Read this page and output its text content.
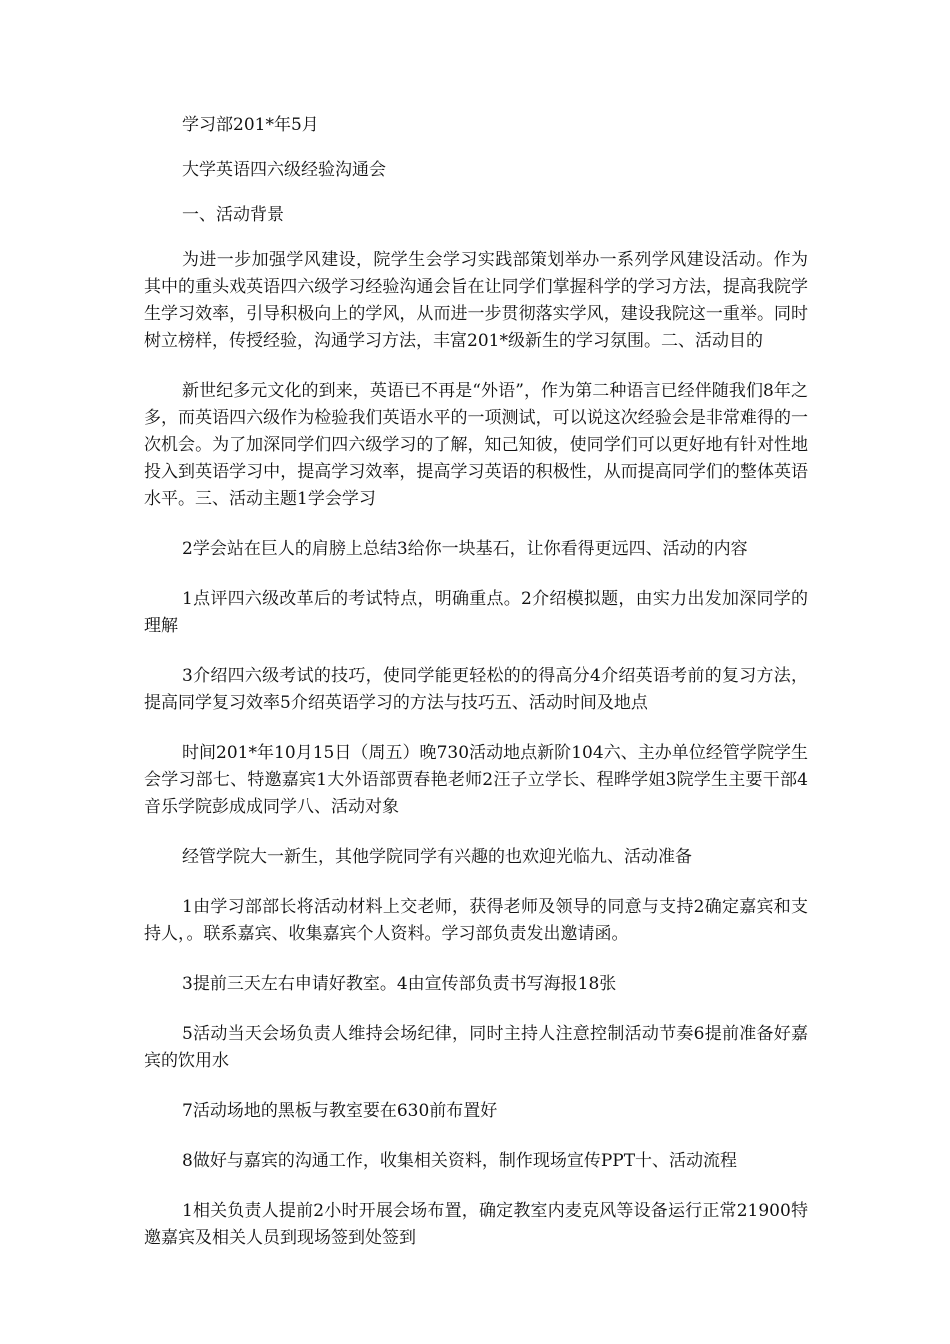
学习部201*年5月

大学英语四六级经验沟通会

一、活动背景

为进一步加强学风建设，院学生会学习实践部策划举办一系列学风建设活动。作为其中的重头戏英语四六级学习经验沟通会旨在让同学们掌握科学的学习方法，提高我院学生学习效率，引导积极向上的学风，从而进一步贯彻落实学风，建设我院这一重举。同时树立榜样，传授经验，沟通学习方法，丰富201*级新生的学习氛围。二、活动目的

新世纪多元文化的到来，英语已不再是“外语”，作为第二种语言已经伴随我们8年之多，而英语四六级作为检验我们英语水平的一项测试，可以说这次经验会是非常难得的一次机会。为了加深同学们四六级学习的了解，知己知彼，使同学们可以更好地有针对性地投入到英语学习中，提高学习效率，提高学习英语的积极性，从而提高同学们的整体英语水平。三、活动主题1学会学习

2学会站在巨人的肩膀上总结3给你一块基石，让你看得更远四、活动的内容

1点评四六级改革后的考试特点，明确重点。2介绍模拟题，由实力出发加深同学的理解

3介绍四六级考试的技巧，使同学能更轻松的的得高分4介绍英语考前的复习方法，提高同学复习效率5介绍英语学习的方法与技巧五、活动时间及地点

时间201*年10月15日（周五）晚730活动地点新阶104六、主办单位经管学院学生会学习部七、特邀嘉宾1大外语部贾春艳老师2汪子立学长、程晔学姐3院学生主要干部4音乐学院彭成成同学八、活动对象

经管学院大一新生，其他学院同学有兴趣的也欢迎光临九、活动准备

1由学习部部长将活动材料上交老师，获得老师及领导的同意与支持2确定嘉宾和支持人，。联系嘉宾、收集嘉宾个人资料。学习部负责发出邀请函。

3提前三天左右申请好教室。4由宣传部负责书写海报18张

5活动当天会场负责人维持会场纪律，同时主持人注意控制活动节奏6提前准备好嘉宾的饮用水

7活动场地的黑板与教室要在630前布置好

8做好与嘉宾的沟通工作，收集相关资料，制作现场宣传PPT十、活动流程

1相关负责人提前2小时开展会场布置，确定教室内麦克风等设备运行正常21900特邀嘉宾及相关人员到现场签到处签到
